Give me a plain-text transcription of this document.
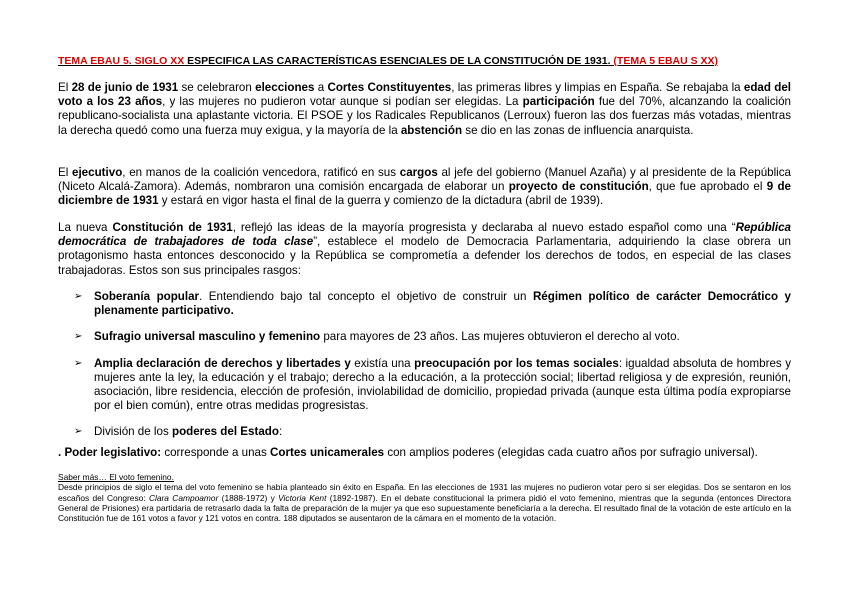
TEMA EBAU 5. SIGLO XX ESPECIFICA LAS CARACTERÍSTICAS ESENCIALES DE LA CONSTITUCIÓN DE 1931. (TEMA 5 EBAU S XX)
El 28 de junio de 1931 se celebraron elecciones a Cortes Constituyentes, las primeras libres y limpias en España. Se rebajaba la edad del voto a los 23 años, y las mujeres no pudieron votar aunque si podían ser elegidas. La participación fue del 70%, alcanzando la coalición republicano-socialista una aplastante victoria. El PSOE y los Radicales Republicanos (Lerroux) fueron las dos fuerzas más votadas, mientras la derecha quedó como una fuerza muy exigua, y la mayoría de la abstención se dio en las zonas de influencia anarquista.
El ejecutivo, en manos de la coalición vencedora, ratificó en sus cargos al jefe del gobierno (Manuel Azaña) y al presidente de la República (Niceto Alcalá-Zamora). Además, nombraron una comisión encargada de elaborar un proyecto de constitución, que fue aprobado el 9 de diciembre de 1931 y estará en vigor hasta el final de la guerra y comienzo de la dictadura (abril de 1939).
La nueva Constitución de 1931, reflejó las ideas de la mayoría progresista y declaraba al nuevo estado español como una “República democrática de trabajadores de toda clase”, establece el modelo de Democracia Parlamentaria, adquiriendo la clase obrera un protagonismo hasta entonces desconocido y la República se comprometía a defender los derechos de todos, en especial de las clases trabajadoras. Estos son sus principales rasgos:
➢ Soberanía popular. Entendiendo bajo tal concepto el objetivo de construir un Régimen político de carácter Democrático y plenamente participativo.
➢ Sufragio universal masculino y femenino para mayores de 23 años. Las mujeres obtuvieron el derecho al voto.
➢ Amplia declaración de derechos y libertades y existía una preocupación por los temas sociales: igualdad absoluta de hombres y mujeres ante la ley, la educación y el trabajo; derecho a la educación, a la protección social; libertad religiosa y de expresión, reunión, asociación, libre residencia, elección de profesión, inviolabilidad de domicilio, propiedad privada (aunque esta última podía expropiarse por el bien común), entre otras medidas progresistas.
➢ División de los poderes del Estado:
. Poder legislativo: corresponde a unas Cortes unicamerales con amplios poderes (elegidas cada cuatro años por sufragio universal).
Saber más… El voto femenino.
Desde principios de siglo el tema del voto femenino se había planteado sin éxito en España. En las elecciones de 1931 las mujeres no pudieron votar pero si ser elegidas. Dos se sentaron en los escaños del Congreso: Clara Campoamor (1888-1972) y Victoria Kent (1892-1987). En el debate constitucional la primera pidió el voto femenino, mientras que la segunda (entonces Directora General de Prisiones) era partidaria de retrasarlo dada la falta de preparación de la mujer ya que eso supuestamente beneficiaría a la derecha. El resultado final de la votación de este artículo en la Constitución fue de 161 votos a favor y 121 votos en contra. 188 diputados se ausentaron de la cámara en el momento de la votación.
